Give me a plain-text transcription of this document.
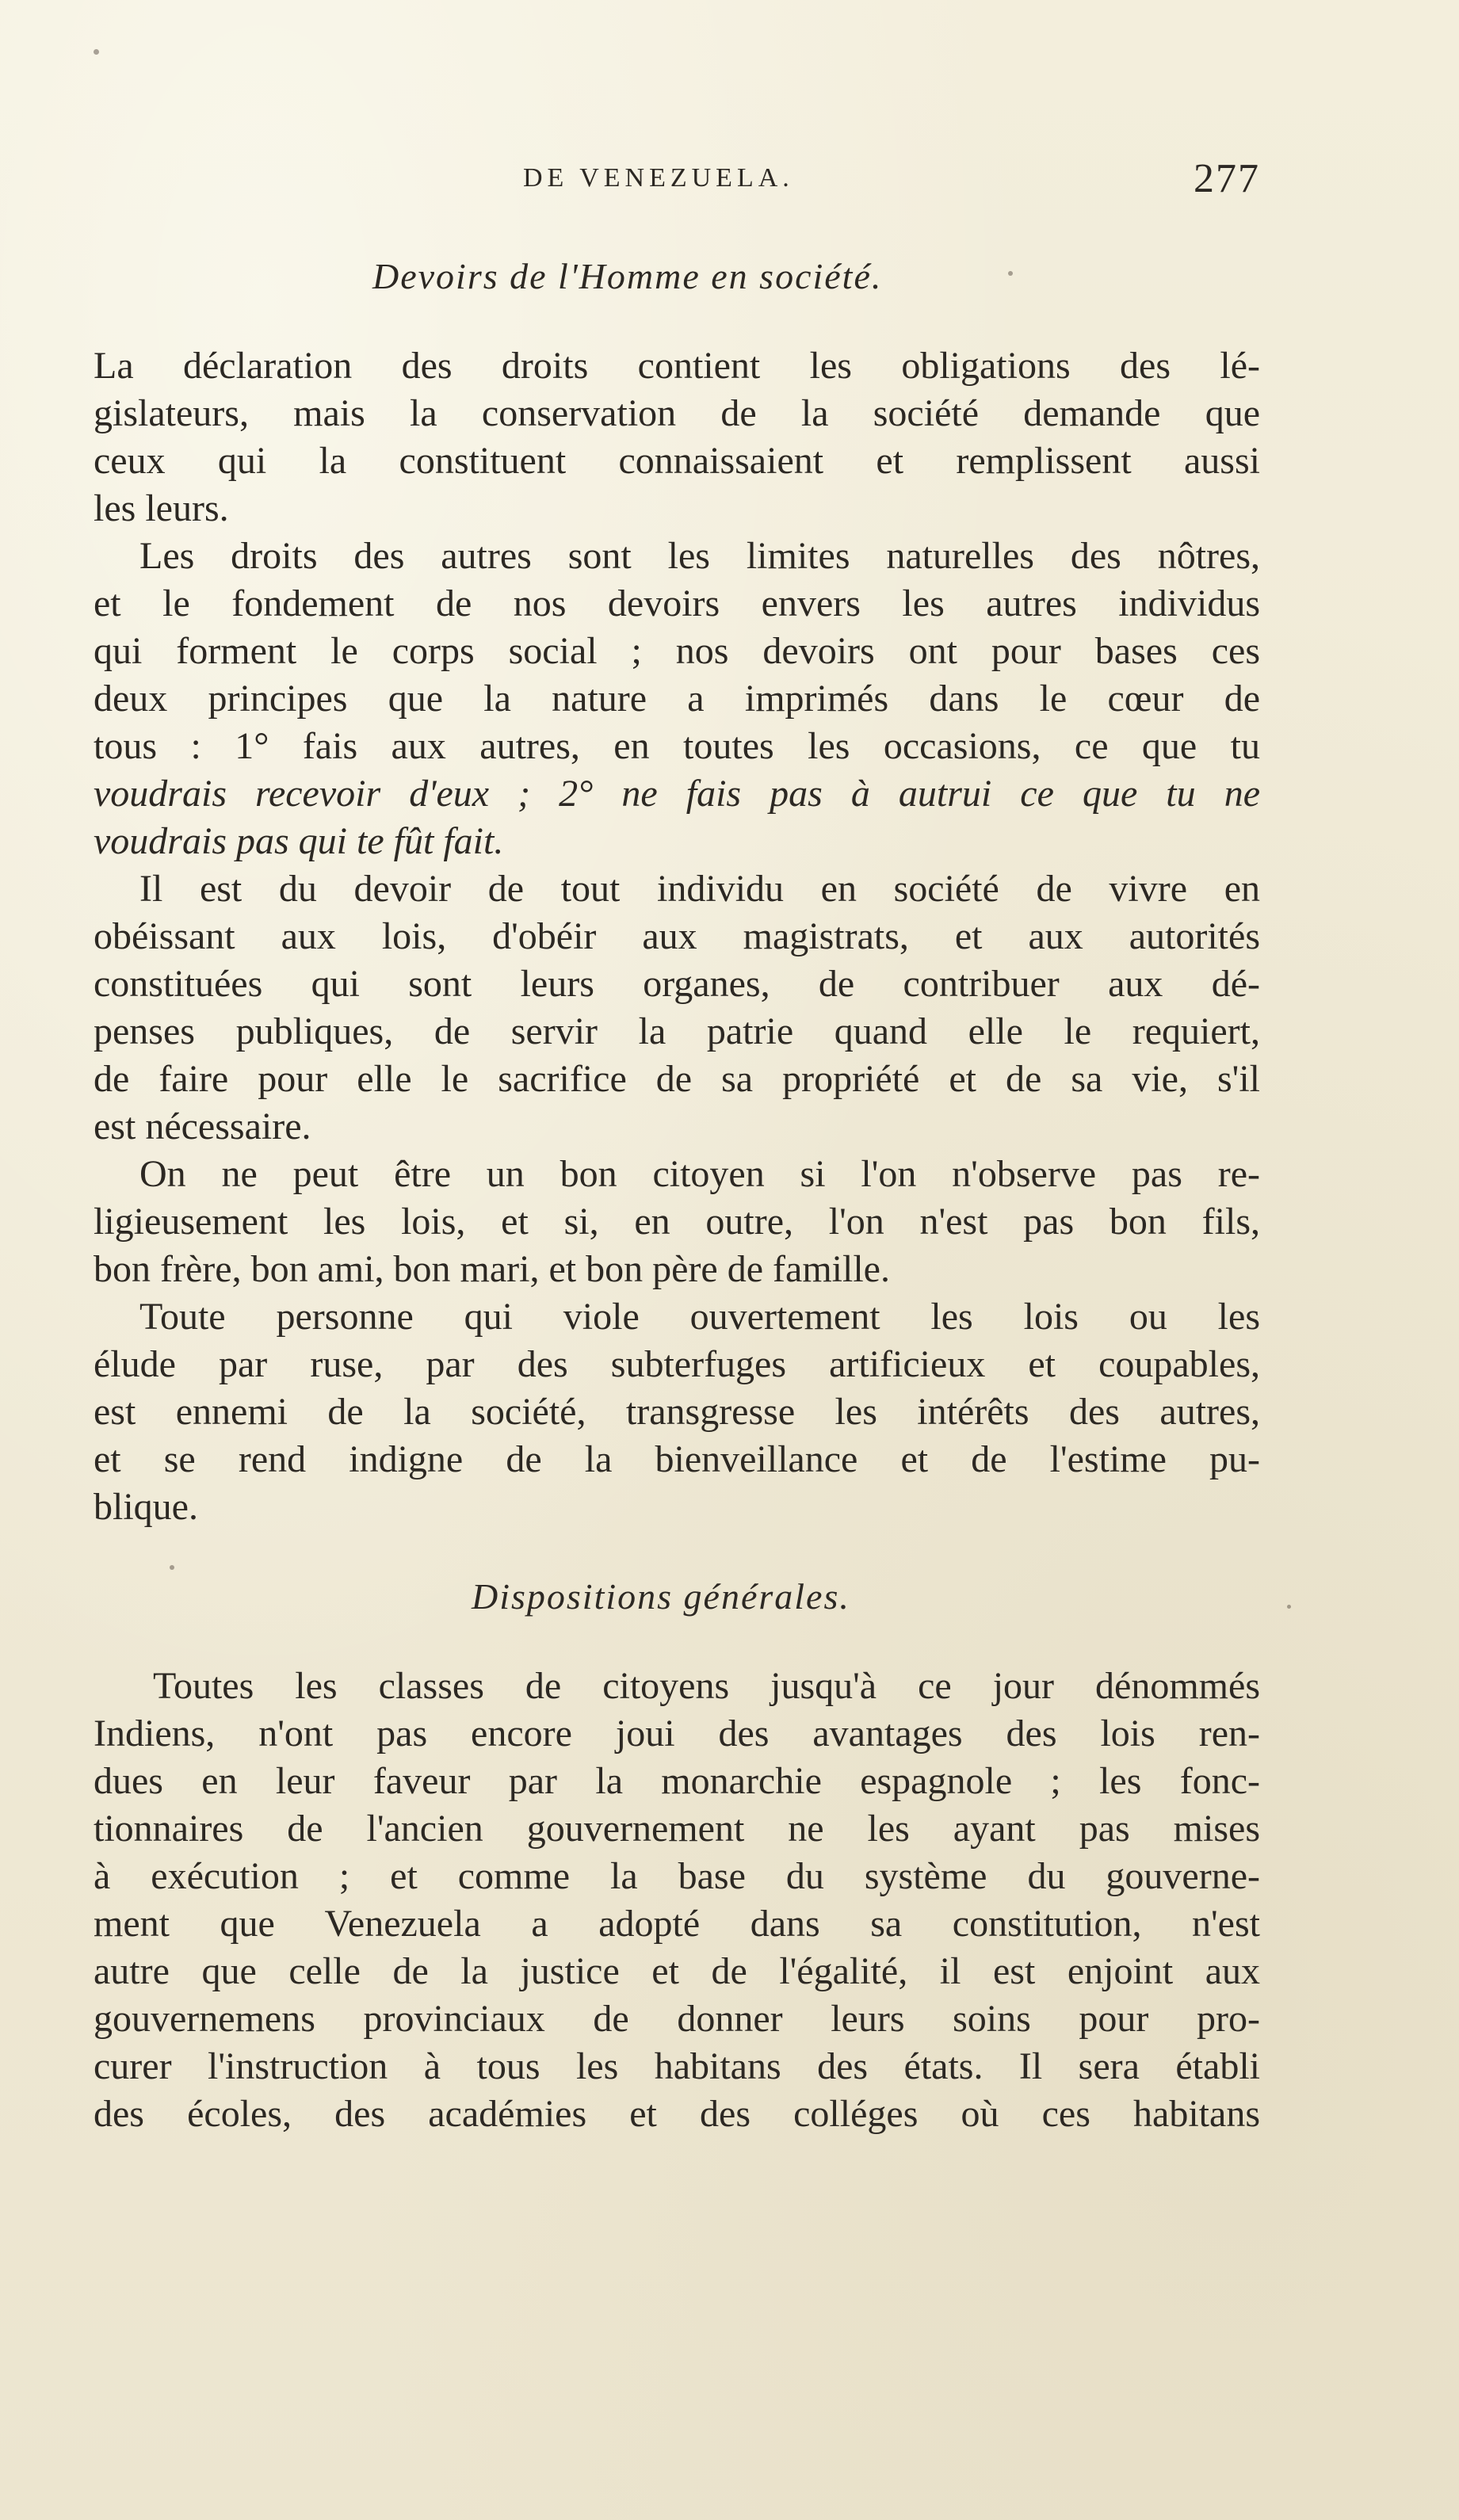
DE VENEZUELA.	277
Devoirs de l'Homme en société.
La déclaration des droits contient les obligations des lé-
gislateurs, mais la conservation de la société demande que
ceux qui la constituent connaissaient et remplissent aussi
les leurs.
Les droits des autres sont les limites naturelles des nôtres,
et le fondement de nos devoirs envers les autres individus
qui forment le corps social ; nos devoirs ont pour bases ces
deux principes que la nature a imprimés dans le cœur de
tous : 1° fais aux autres, en toutes les occasions, ce que tu
voudrais recevoir d'eux ; 2° ne fais pas à autrui ce que tu ne
voudrais pas qui te fût fait.
Il est du devoir de tout individu en société de vivre en
obéissant aux lois, d'obéir aux magistrats, et aux autorités
constituées qui sont leurs organes, de contribuer aux dé-
penses publiques, de servir la patrie quand elle le requiert,
de faire pour elle le sacrifice de sa propriété et de sa vie, s'il
est nécessaire.
On ne peut être un bon citoyen si l'on n'observe pas re-
ligieusement les lois, et si, en outre, l'on n'est pas bon fils,
bon frère, bon ami, bon mari, et bon père de famille.
Toute personne qui viole ouvertement les lois ou les
élude par ruse, par des subterfuges artificieux et coupables,
est ennemi de la société, transgresse les intérêts des autres,
et se rend indigne de la bienveillance et de l'estime pu-
blique.
Dispositions générales.
Toutes les classes de citoyens jusqu'à ce jour dénommés
Indiens, n'ont pas encore joui des avantages des lois ren-
dues en leur faveur par la monarchie espagnole ; les fonc-
tionnaires de l'ancien gouvernement ne les ayant pas mises
à exécution ; et comme la base du système du gouverne-
ment que Venezuela a adopté dans sa constitution, n'est
autre que celle de la justice et de l'égalité, il est enjoint aux
gouvernemens provinciaux de donner leurs soins pour pro-
curer l'instruction à tous les habitans des états. Il sera établi
des écoles, des académies et des colléges où ces habitans
